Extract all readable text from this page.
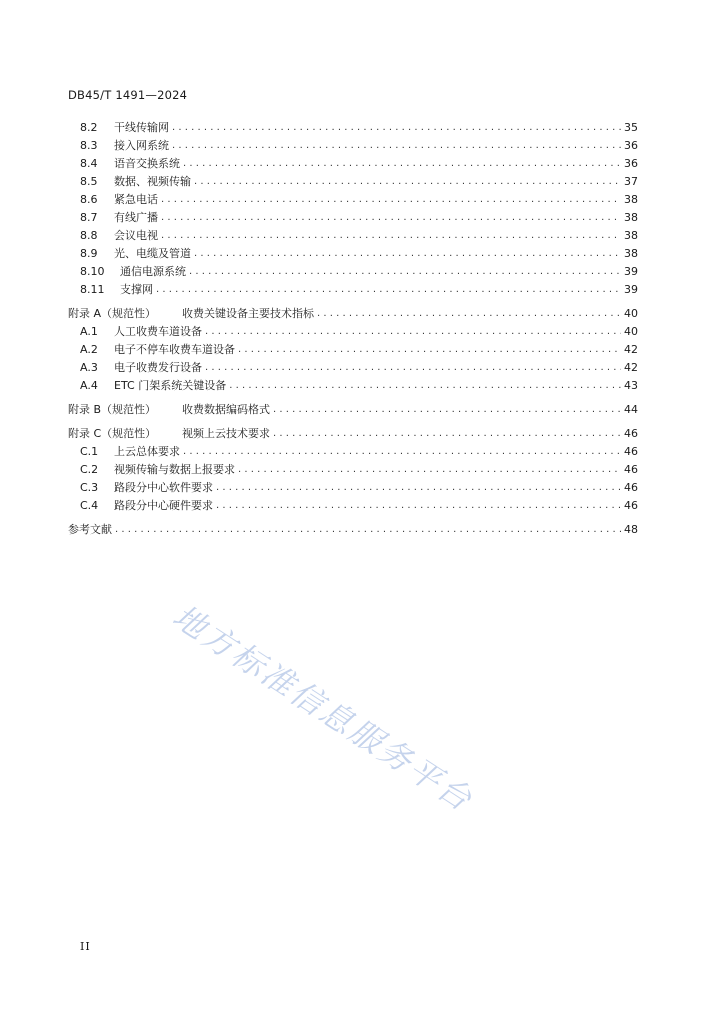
DB45/T 1491—2024
8.2	干线传输网 .....	35
8.3	接入网系统 .....	36
8.4	语音交换系统 .....	36
8.5	数据、视频传输 .....	37
8.6	紧急电话 .....	38
8.7	有线广播 .....	38
8.8	会议电视 .....	38
8.9	光、电缆及管道 .....	38
8.10	通信电源系统 .....	39
8.11	支撑网 .....	39
附录 A（规范性）	收费关键设备主要技术指标 .....	40
A.1	人工收费车道设备 .....	40
A.2	电子不停车收费车道设备 .....	42
A.3	电子收费发行设备 .....	42
A.4	ETC 门架系统关键设备 .....	43
附录 B（规范性）	收费数据编码格式 .....	44
附录 C（规范性）	视频上云技术要求 .....	46
C.1	上云总体要求 .....	46
C.2	视频传输与数据上报要求 .....	46
C.3	路段分中心软件要求 .....	46
C.4	路段分中心硬件要求 .....	46
参考文献 .....	48
地方标准信息服务平台
II
